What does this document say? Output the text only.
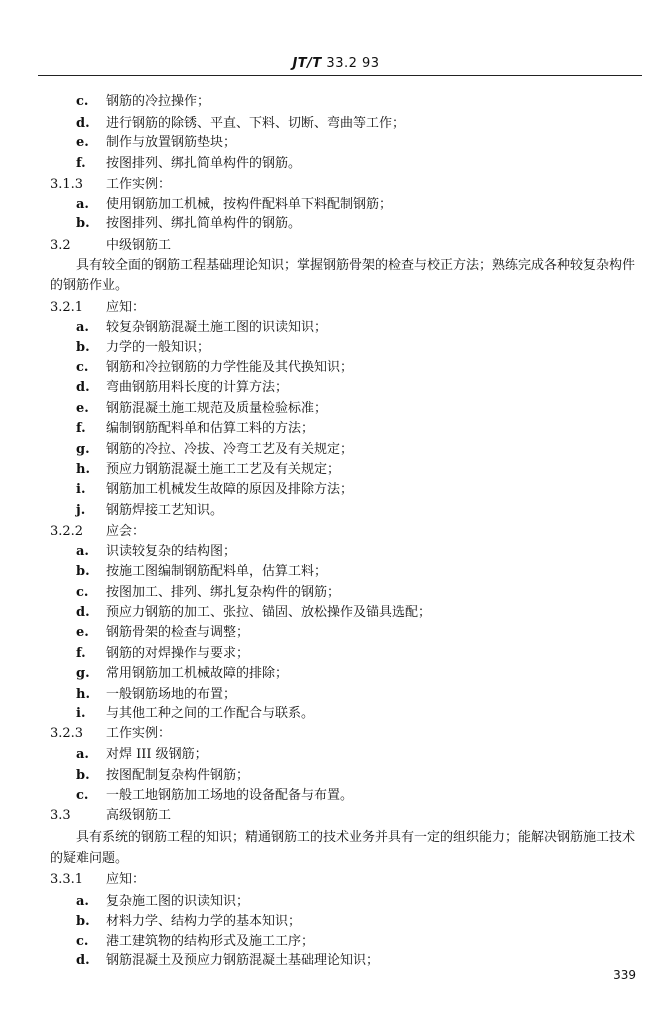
JT/T 33.2 93
c. 钢筋的冷拉操作；
d. 进行钢筋的除锈、平直、下料、切断、弯曲等工作；
e. 制作与放置钢筋垫块；
f. 按图排列、绑扎简单构件的钢筋。
3.1.3 工作实例：
a. 使用钢筋加工机械，按构件配料单下料配制钢筋；
b. 按图排列、绑扎简单构件的钢筋。
3.2	中级钢筋工
具有较全面的钢筋工程基础理论知识；掌握钢筋骨架的检查与校正方法；熟练完成各种较复杂构件
的钢筋作业。
3.2.1 应知：
a. 较复杂钢筋混凝土施工图的识读知识；
b. 力学的一般知识；
c. 钢筋和冷拉钢筋的力学性能及其代换知识；
d. 弯曲钢筋用料长度的计算方法；
e. 钢筋混凝土施工规范及质量检验标准；
f. 编制钢筋配料单和估算工料的方法；
g. 钢筋的冷拉、冷拔、冷弯工艺及有关规定；
h. 预应力钢筋混凝土施工工艺及有关规定；
i. 钢筋加工机械发生故障的原因及排除方法；
j. 钢筋焊接工艺知识。
3.2.2 应会：
a. 识读较复杂的结构图；
b. 按施工图编制钢筋配料单，估算工料；
c. 按图加工、排列、绑扎复杂构件的钢筋；
d. 预应力钢筋的加工、张拉、锚固、放松操作及锚具选配；
e. 钢筋骨架的检查与调整；
f. 钢筋的对焊操作与要求；
g. 常用钢筋加工机械故障的排除；
h. 一般钢筋场地的布置；
i. 与其他工种之间的工作配合与联系。
3.2.3 工作实例：
a. 对焊 III 级钢筋；
b. 按图配制复杂构件钢筋；
c. 一般工地钢筋加工场地的设备配备与布置。
3.3	高级钢筋工
具有系统的钢筋工程的知识；精通钢筋工的技术业务并具有一定的组织能力；能解决钢筋施工技术
的疑难问题。
3.3.1 应知：
a. 复杂施工图的识读知识；
b. 材料力学、结构力学的基本知识；
c. 港工建筑物的结构形式及施工工序；
d. 钢筋混凝土及预应力钢筋混凝土基础理论知识；
339
